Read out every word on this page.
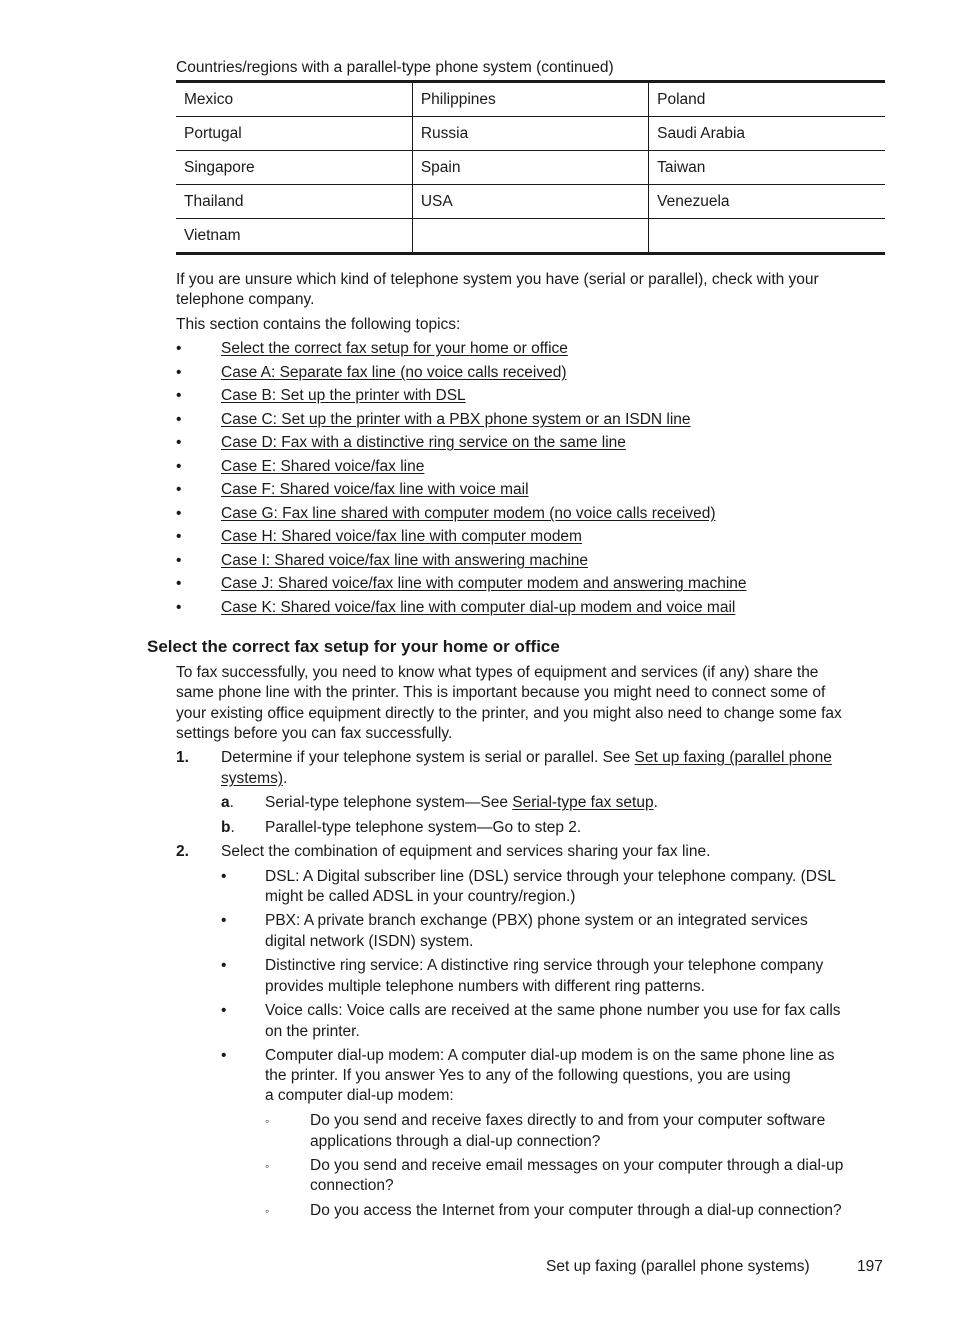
Countries/regions with a parallel-type phone system (continued)
Mexico	Philippines	Poland
Portugal	Russia	Saudi Arabia
Singapore	Spain	Taiwan
Thailand	USA	Venezuela
Vietnam		
If you are unsure which kind of telephone system you have (serial or parallel), check with your
telephone company.
This section contains the following topics:
•	Select the correct fax setup for your home or office
•	Case A: Separate fax line (no voice calls received)
•	Case B: Set up the printer with DSL
•	Case C: Set up the printer with a PBX phone system or an ISDN line
•	Case D: Fax with a distinctive ring service on the same line
•	Case E: Shared voice/fax line
•	Case F: Shared voice/fax line with voice mail
•	Case G: Fax line shared with computer modem (no voice calls received)
•	Case H: Shared voice/fax line with computer modem
•	Case I: Shared voice/fax line with answering machine
•	Case J: Shared voice/fax line with computer modem and answering machine
•	Case K: Shared voice/fax line with computer dial-up modem and voice mail
Select the correct fax setup for your home or office
To fax successfully, you need to know what types of equipment and services (if any) share the
same phone line with the printer. This is important because you might need to connect some of
your existing office equipment directly to the printer, and you might also need to change some fax
settings before you can fax successfully.
1. Determine if your telephone system is serial or parallel. See Set up faxing (parallel phone
systems).
a. Serial-type telephone system—See Serial-type fax setup.
b. Parallel-type telephone system—Go to step 2.
2. Select the combination of equipment and services sharing your fax line.
• DSL: A Digital subscriber line (DSL) service through your telephone company. (DSL
might be called ADSL in your country/region.)
• PBX: A private branch exchange (PBX) phone system or an integrated services
digital network (ISDN) system.
• Distinctive ring service: A distinctive ring service through your telephone company
provides multiple telephone numbers with different ring patterns.
• Voice calls: Voice calls are received at the same phone number you use for fax calls
on the printer.
• Computer dial-up modem: A computer dial-up modem is on the same phone line as
the printer. If you answer Yes to any of the following questions, you are using
a computer dial-up modem:
◦	Do you send and receive faxes directly to and from your computer software
applications through a dial-up connection?
◦	Do you send and receive email messages on your computer through a dial-up
connection?
◦	Do you access the Internet from your computer through a dial-up connection?
Set up faxing (parallel phone systems)	197
